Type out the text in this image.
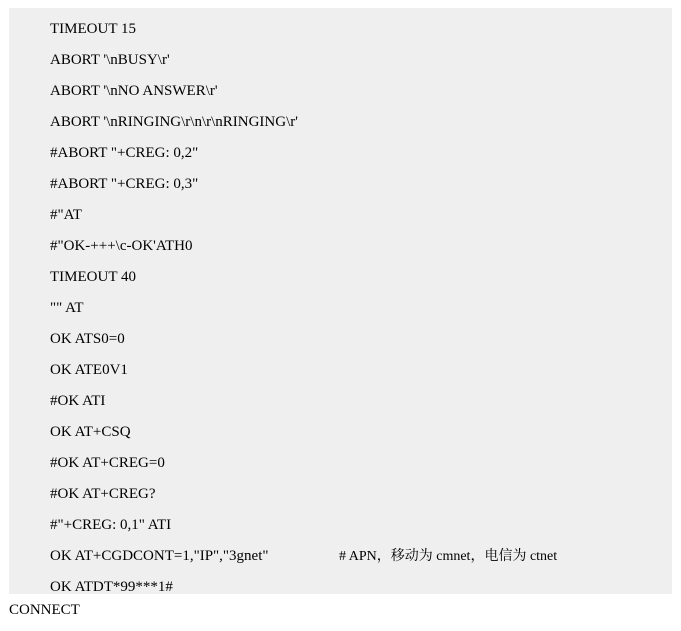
TIMEOUT 15
ABORT '\nBUSY\r'
ABORT '\nNO ANSWER\r'
ABORT '\nRINGING\r\n\r\nRINGING\r'
#ABORT "+CREG: 0,2"
#ABORT "+CREG: 0,3"
#"AT
#"OK-+++\c-OK'ATH0
TIMEOUT 40
"" AT
OK ATS0=0
OK ATE0V1
#OK ATI
OK AT+CSQ
#OK AT+CREG=0
#OK AT+CREG?
#"+CREG: 0,1" ATI
OK AT+CGDCONT=1,"IP","3gnet"	# APN，移动为 cmnet，电信为 ctnet
OK ATDT*99***1#
CONNECT
